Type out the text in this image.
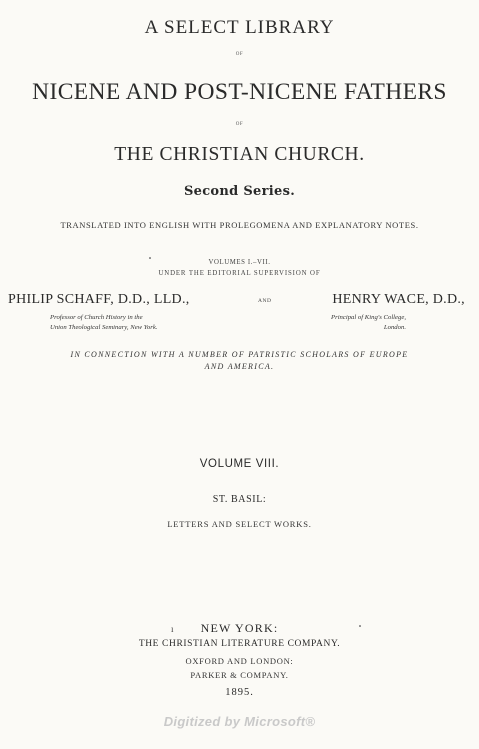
A SELECT LIBRARY
OF
NICENE AND POST-NICENE FATHERS
OF
THE CHRISTIAN CHURCH.
Second Series.
TRANSLATED INTO ENGLISH WITH PROLEGOMENA AND EXPLANATORY NOTES.
VOLUMES I.–VII.
UNDER THE EDITORIAL SUPERVISION OF
PHILIP SCHAFF, D.D., LLD.,
Professor of Church History in the
Union Theological Seminary, New York.
AND	HENRY WACE, D.D.,
Principal of King's College,
London.
IN CONNECTION WITH A NUMBER OF PATRISTIC SCHOLARS OF EUROPE
AND AMERICA.
VOLUME VIII.
ST. BASIL:
LETTERS AND SELECT WORKS.
ı	NEW YORK:
THE CHRISTIAN LITERATURE COMPANY.
OXFORD AND LONDON:
PARKER & COMPANY.
1895.
Digitized by Microsoft®
